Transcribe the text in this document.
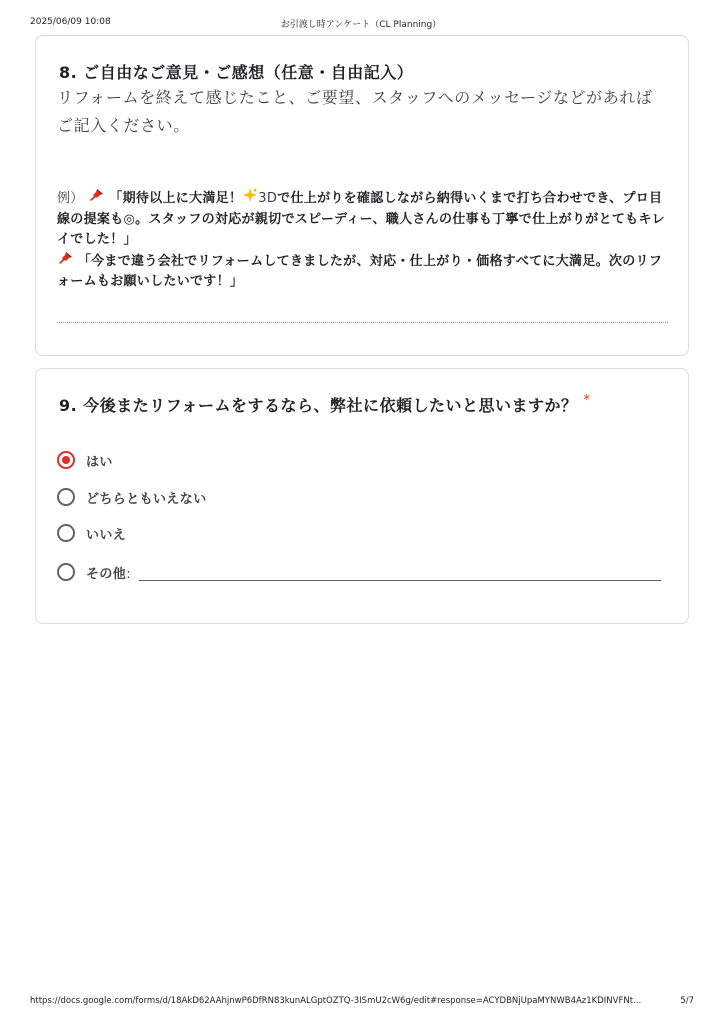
2025/06/09 10:08	お引渡し時アンケート（CL Planning）
8. ご自由なご意見・ご感想（任意・自由記入）
リフォームを終えて感じたこと、ご要望、スタッフへのメッセージなどがあればご記入ください。
例） 「期待以上に大満足！ 3Dで仕上がりを確認しながら納得いくまで打ち合わせでき、プロ目線の提案も◎。スタッフの対応が親切でスピーディー、職人さんの仕事も丁寧で仕上がりがとてもキレイでした！」
「今まで違う会社でリフォームしてきましたが、対応・仕上がり・価格すべてに大満足。次のリフォームもお願いしたいです！」
9. 今後またリフォームをするなら、弊社に依頼したいと思いますか？ *
はい
どちらともいえない
いいえ
その他:
https://docs.google.com/forms/d/18AkD62AAhjnwP6DfRN83kunALGptOZTQ-3ISmU2cW6g/edit#response=ACYDBNjUpaMYNWB4Az1KDINVFNt...	5/7
